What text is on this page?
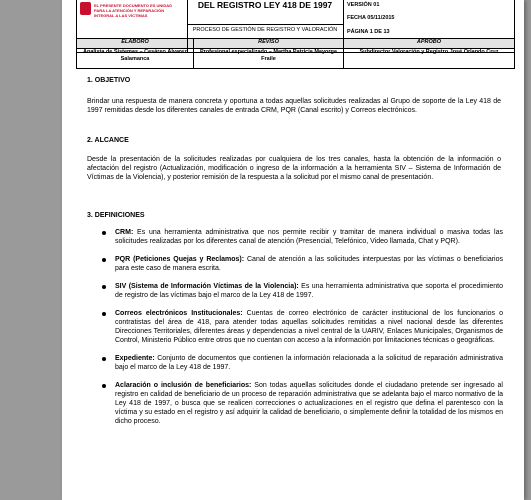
ELABORÓ
Analista de Sistemas – Cesáreo Álvarez Salamanca
REVISÓ
Profesional especializado – Martha Patricia Mayorga Fraile
APROBÓ
Subdirector Valoración y Registro José Orlando Cruz
EL PRESENTE DOCUMENTO ES UNIDAD PARA LA ATENCIÓN Y REPARACIÓN INTEGRAL A LAS VÍCTIMAS
DEL REGISTRO LEY 418 DE 1997
PROCESO DE GESTIÓN DE REGISTRO Y VALORACIÓN
VERSIÓN 01
FECHA 05/11/2015
PÁGINA 1 DE 13
1. OBJETIVO

Brindar una respuesta de manera concreta y oportuna a todas aquellas solicitudes realizadas al Grupo de soporte de la Ley 418 de 1997 remitidas desde los diferentes canales de entrada CRM, PQR (Canal escrito) y Correos electrónicos.

2. ALCANCE

Desde la presentación de la solicitudes realizadas por cualquiera de los tres canales, hasta la obtención de la información o afectación del registro (Actualización, modificación o ingreso de la información a la herramienta SIV – Sistema de Información de Víctimas de la Violencia), y posterior remisión de la respuesta a la solicitud por el mismo canal de presentación.

3. DEFINICIONES
CRM: Es una herramienta administrativa que nos permite recibir y tramitar de manera individual o masiva todas las solicitudes realizadas por los diferentes canal de atención (Presencial, Telefónico, Video llamada, Chat y PQR).
PQR (Peticiones Quejas y Reclamos): Canal de atención a las solicitudes interpuestas por las víctimas o beneficiarios para este caso de manera escrita.
SIV (Sistema de Información Víctimas de la Violencia): Es una herramienta administrativa que soporta el procedimiento de registro de las víctimas bajo el marco de la Ley 418 de 1997.
Correos electrónicos Institucionales: Cuentas de correo electrónico de carácter institucional de los funcionarios o contratistas del área de 418, para atender todas aquellas solicitudes remitidas a nivel nacional desde las diferentes Direcciones Territoriales, diferentes áreas y dependencias a nivel central de la UARIV, Enlaces Municipales, Organismos de Control, Ministerio Público entre otros que no cuentan con acceso a la información por limitaciones técnicas o geográficas.
Expediente: Conjunto de documentos que contienen la información relacionada a la solicitud de reparación administrativa bajo el marco de la Ley 418 de 1997.
Aclaración o inclusión de beneficiarios: Son todas aquellas solicitudes donde el ciudadano pretende ser ingresado al registro en calidad de beneficiario de un proceso de reparación administrativa que se adelanta bajo el marco normativo de la Ley 418 de 1997, o busca que se realicen correcciones o actualizaciones en el registro que defina el parentesco con la víctima y su estado en el registro y así adquirir la calidad de beneficiario, o simplemente definir la totalidad de los mismos en dicho proceso.
